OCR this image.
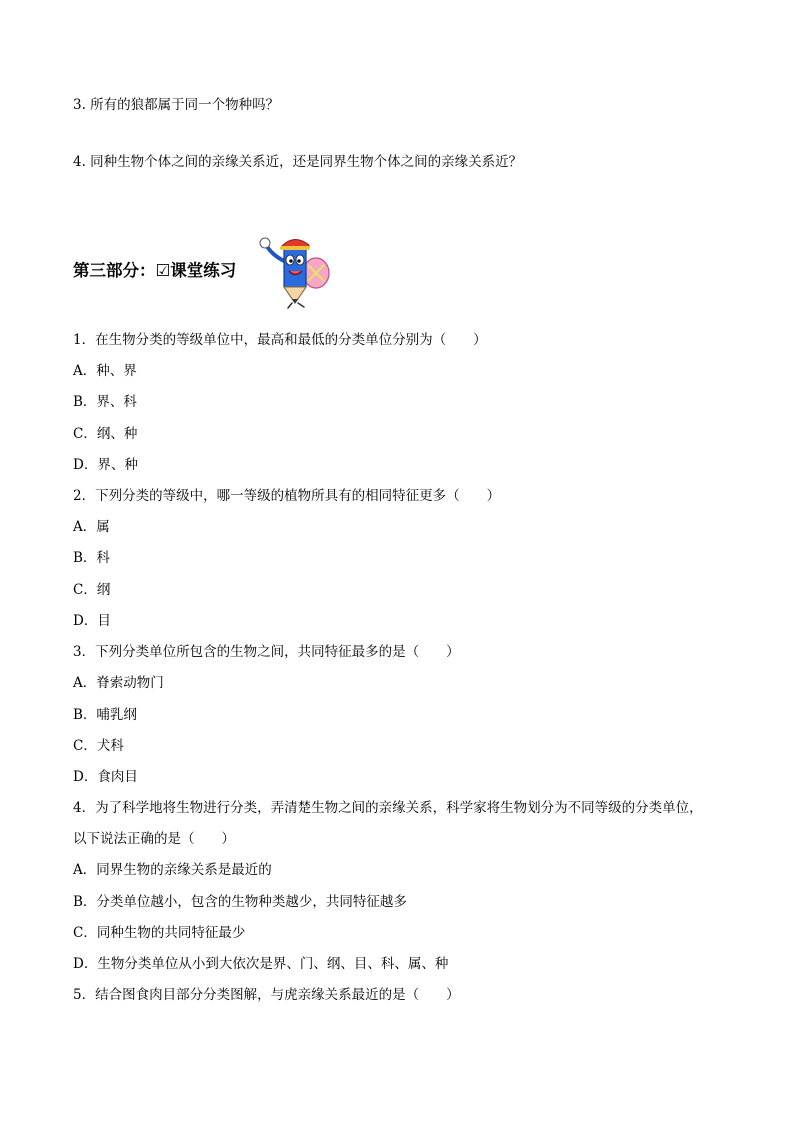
3. 所有的狼都属于同一个物种吗？
4. 同种生物个体之间的亲缘关系近，还是同界生物个体之间的亲缘关系近？
第三部分：☑课堂练习
1．在生物分类的等级单位中，最高和最低的分类单位分别为（　　）
A．种、界
B．界、科
C．纲、种
D．界、种
2．下列分类的等级中，哪一等级的植物所具有的相同特征更多（　　）
A．属
B．科
C．纲
D．目
3．下列分类单位所包含的生物之间，共同特征最多的是（　　）
A．脊索动物门
B．哺乳纲
C．犬科
D．食肉目
4．为了科学地将生物进行分类，弄清楚生物之间的亲缘关系，科学家将生物划分为不同等级的分类单位，
以下说法正确的是（　　）
A．同界生物的亲缘关系是最近的
B．分类单位越小，包含的生物种类越少，共同特征越多
C．同种生物的共同特征最少
D．生物分类单位从小到大依次是界、门、纲、目、科、属、种
5．结合图食肉目部分分类图解，与虎亲缘关系最近的是（　　）
